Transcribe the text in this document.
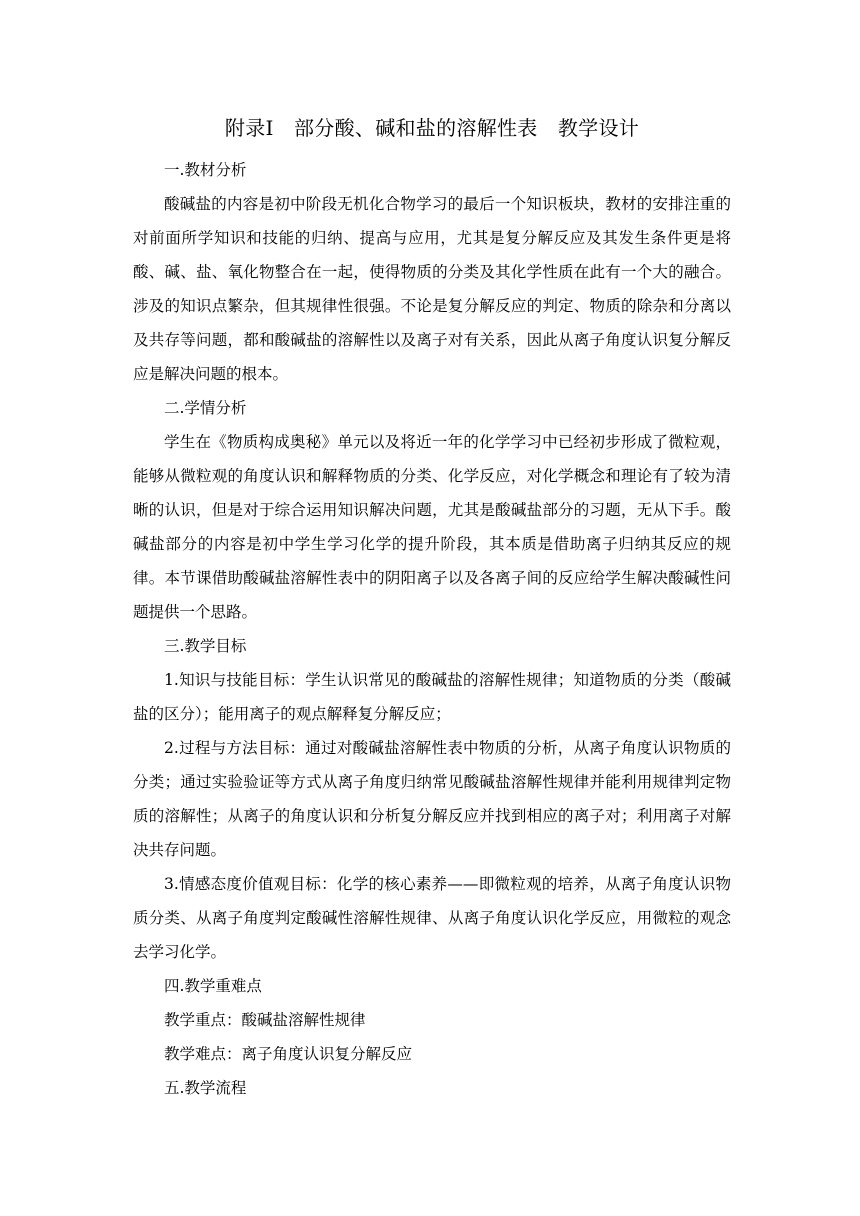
附录Ⅰ　部分酸、碱和盐的溶解性表　教学设计

一.教材分析

酸碱盐的内容是初中阶段无机化合物学习的最后一个知识板块，教材的安排注重的对前面所学知识和技能的归纳、提高与应用，尤其是复分解反应及其发生条件更是将酸、碱、盐、氧化物整合在一起，使得物质的分类及其化学性质在此有一个大的融合。涉及的知识点繁杂，但其规律性很强。不论是复分解反应的判定、物质的除杂和分离以及共存等问题，都和酸碱盐的溶解性以及离子对有关系，因此从离子角度认识复分解反应是解决问题的根本。

二.学情分析

学生在《物质构成奥秘》单元以及将近一年的化学学习中已经初步形成了微粒观，能够从微粒观的角度认识和解释物质的分类、化学反应，对化学概念和理论有了较为清晰的认识，但是对于综合运用知识解决问题，尤其是酸碱盐部分的习题，无从下手。酸碱盐部分的内容是初中学生学习化学的提升阶段，其本质是借助离子归纳其反应的规律。本节课借助酸碱盐溶解性表中的阴阳离子以及各离子间的反应给学生解决酸碱性问题提供一个思路。

三.教学目标

1.知识与技能目标：学生认识常见的酸碱盐的溶解性规律；知道物质的分类（酸碱盐的区分）；能用离子的观点解释复分解反应；

2.过程与方法目标：通过对酸碱盐溶解性表中物质的分析，从离子角度认识物质的分类；通过实验验证等方式从离子角度归纳常见酸碱盐溶解性规律并能利用规律判定物质的溶解性；从离子的角度认识和分析复分解反应并找到相应的离子对；利用离子对解决共存问题。

3.情感态度价值观目标：化学的核心素养——即微粒观的培养，从离子角度认识物质分类、从离子角度判定酸碱性溶解性规律、从离子角度认识化学反应，用微粒的观念去学习化学。

四.教学重难点

教学重点：酸碱盐溶解性规律

教学难点：离子角度认识复分解反应

五.教学流程
